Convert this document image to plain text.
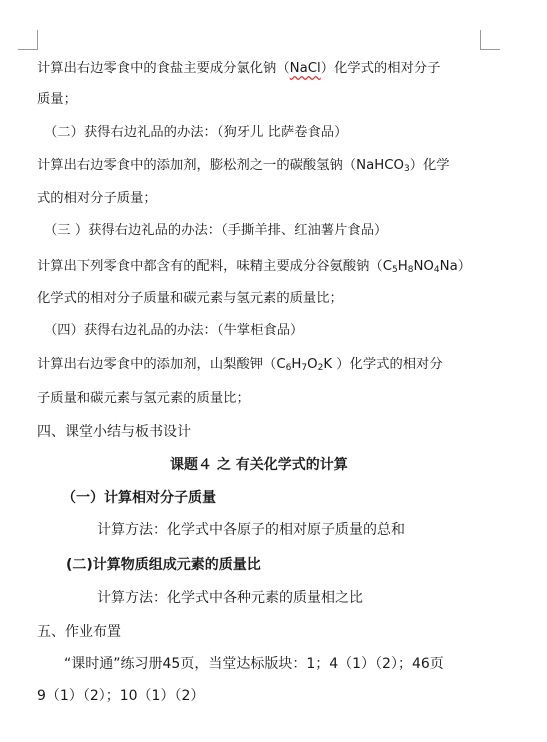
计算出右边零食中的食盐主要成分氯化钠（NaCl）化学式的相对分子
质量；
（二）获得右边礼品的办法：（狗牙儿 比萨卷食品）
计算出右边零食中的添加剂，膨松剂之一的碳酸氢钠（NaHCO$_3$）化学
式的相对分子质量；
（三 ）获得右边礼品的办法：（手撕羊排、红油薯片食品）
计算出下列零食中都含有的配料，味精主要成分谷氨酸钠$(C_5H_8NO_4Na)$
化学式的相对分子质量和碳元素与氢元素的质量比；
（四）获得右边礼品的办法：（牛掌柜食品）
计算出右边零食中的添加剂，山梨酸钾（$C_6H_7O_2K$ ）化学式的相对分
子质量和碳元素与氢元素的质量比；
四、课堂小结与板书设计
课题４ 之 有关化学式的计算
（一）计算相对分子质量
计算方法：化学式中各原子的相对原子质量的总和
(二)计算物质组成元素的质量比
计算方法：化学式中各种元素的质量相之比
五、作业布置
“课时通”练习册45页，当堂达标版块：1；4（1）（2）；46页
9（1）（2）；10（1）（2）
